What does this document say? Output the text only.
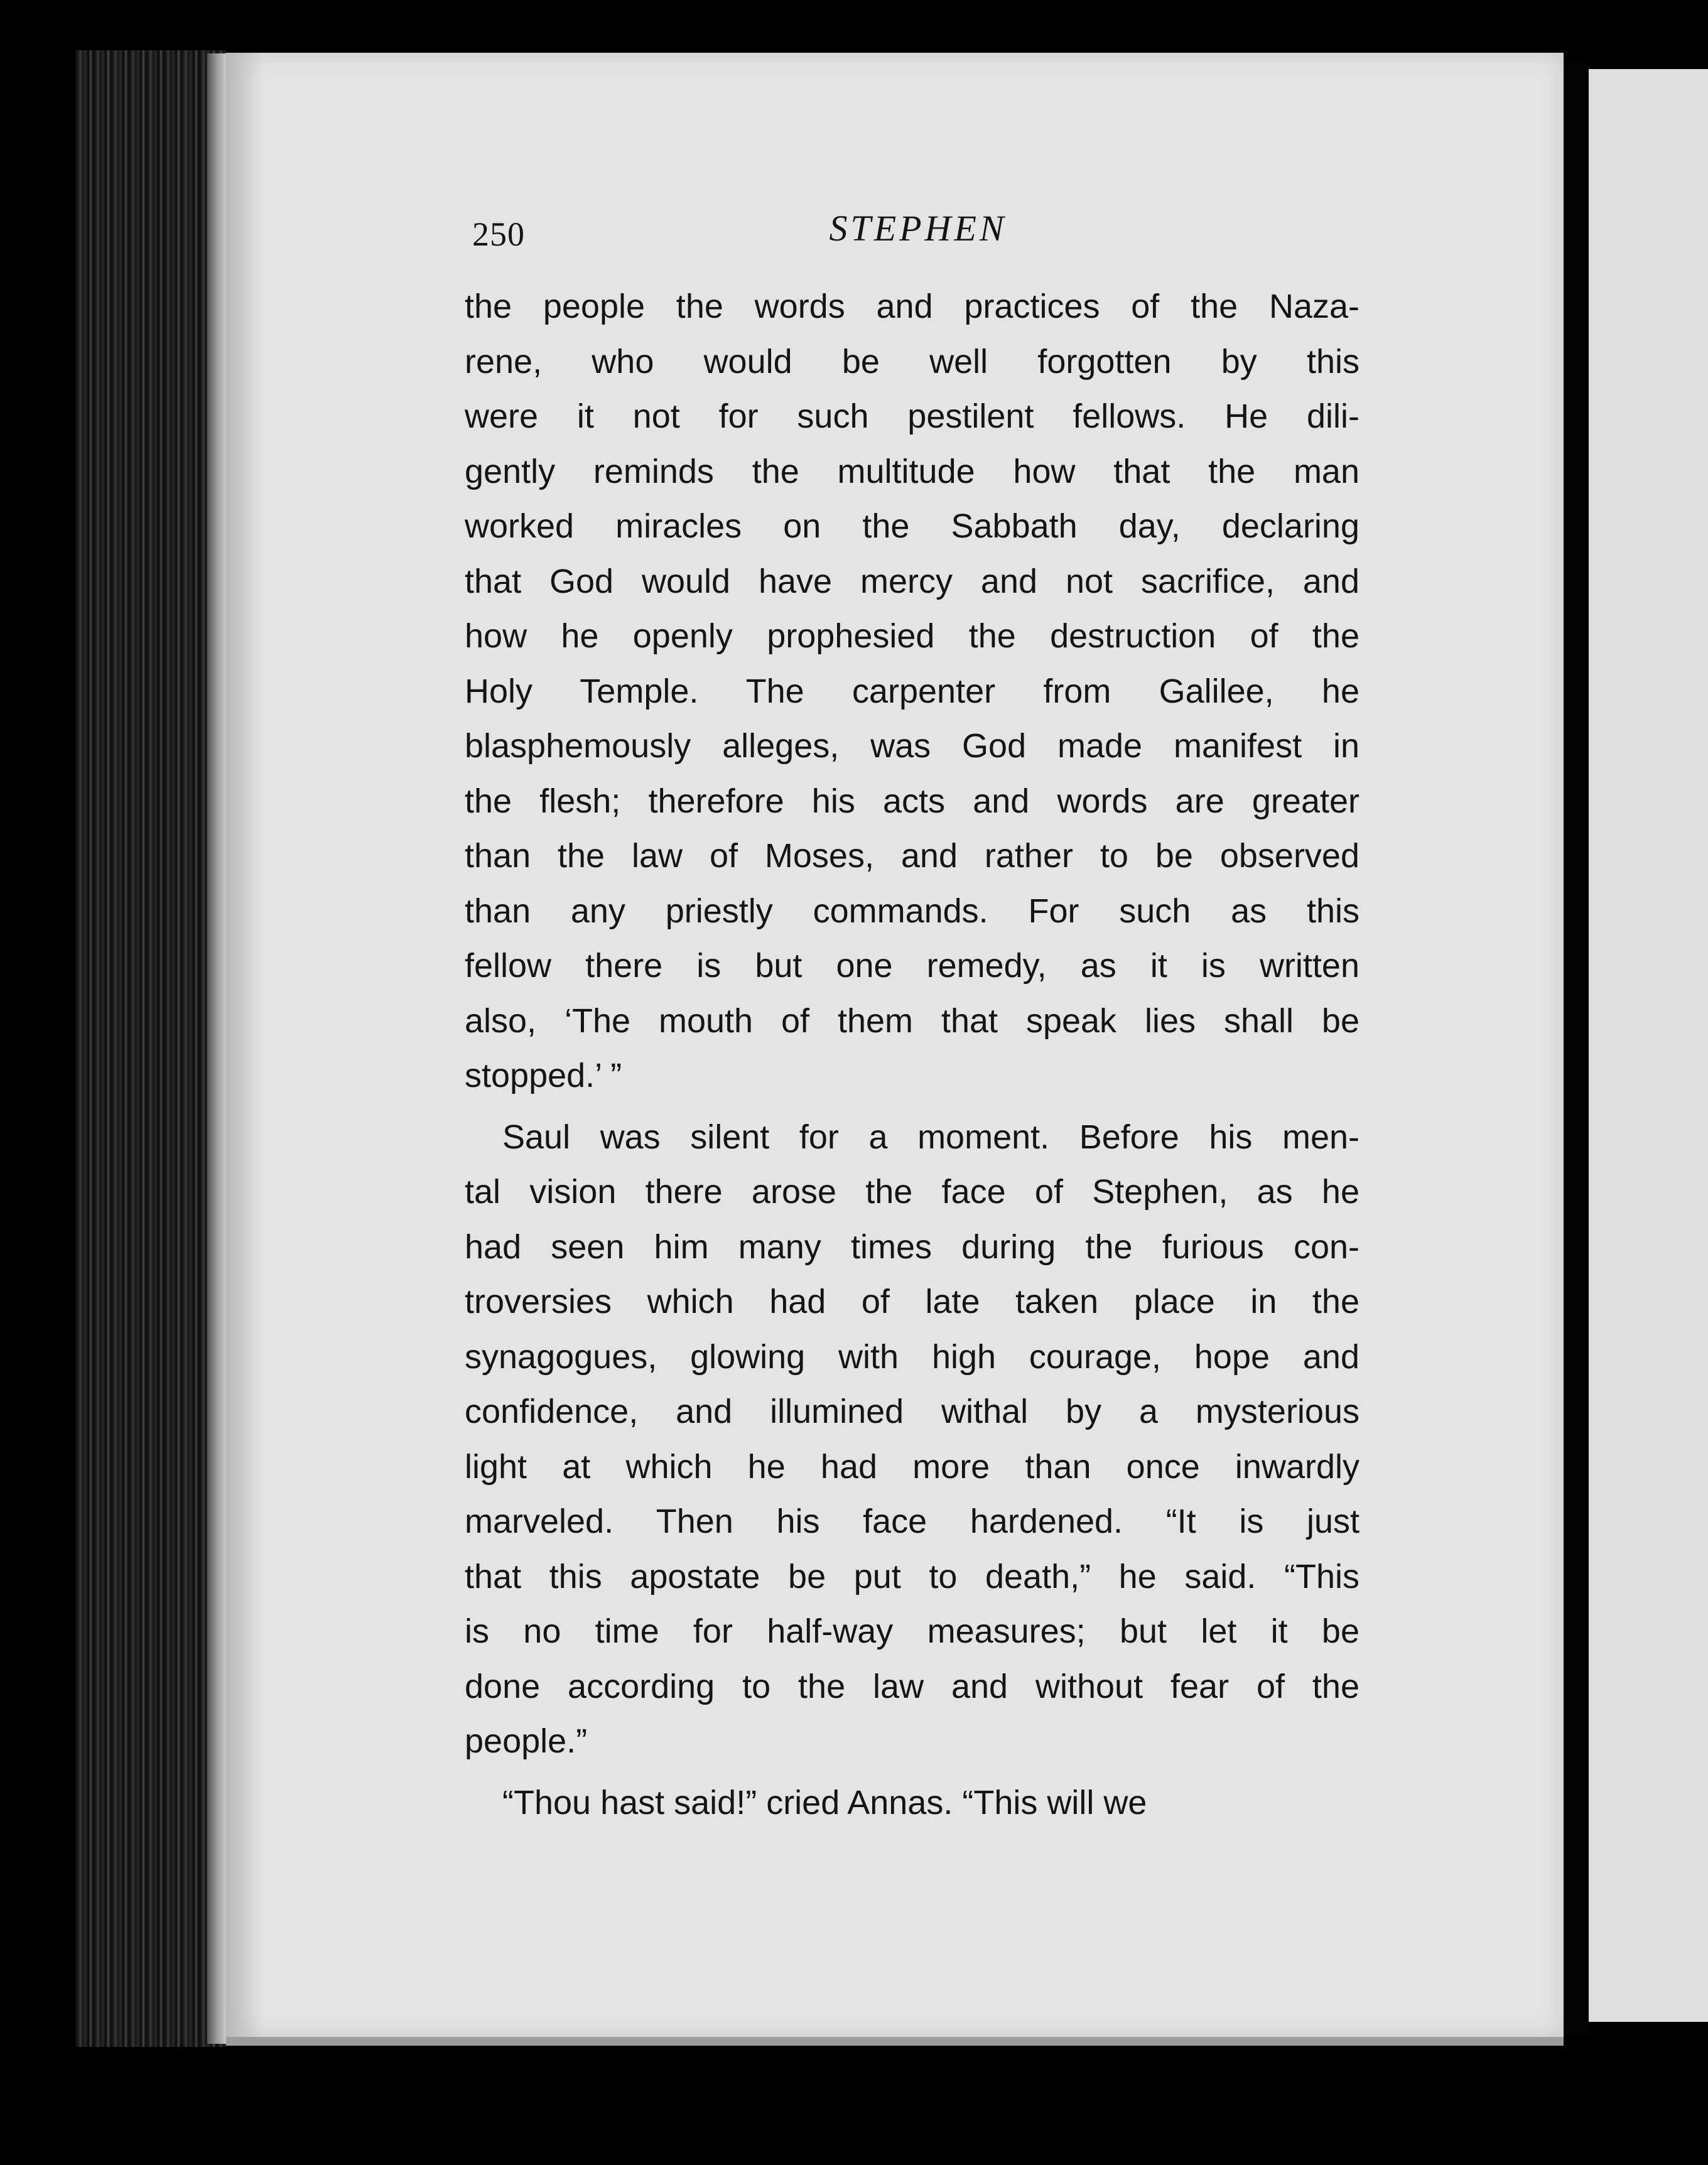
250	STEPHEN
the people the words and practices of the Naza-
rene, who would be well forgotten by this
were it not for such pestilent fellows. He dili-
gently reminds the multitude how that the man
worked miracles on the Sabbath day, declaring
that God would have mercy and not sacrifice, and
how he openly prophesied the destruction of the
Holy Temple. The carpenter from Galilee, he
blasphemously alleges, was God made manifest in
the flesh; therefore his acts and words are greater
than the law of Moses, and rather to be observed
than any priestly commands. For such as this
fellow there is but one remedy, as it is written
also, ‘The mouth of them that speak lies shall be
stopped.’ ”
Saul was silent for a moment. Before his men-
tal vision there arose the face of Stephen, as he
had seen him many times during the furious con-
troversies which had of late taken place in the
synagogues, glowing with high courage, hope and
confidence, and illumined withal by a mysterious
light at which he had more than once inwardly
marveled. Then his face hardened. “It is just
that this apostate be put to death,” he said. “This
is no time for half-way measures; but let it be
done according to the law and without fear of the
people.”
“Thou hast said!” cried Annas. “This will we
